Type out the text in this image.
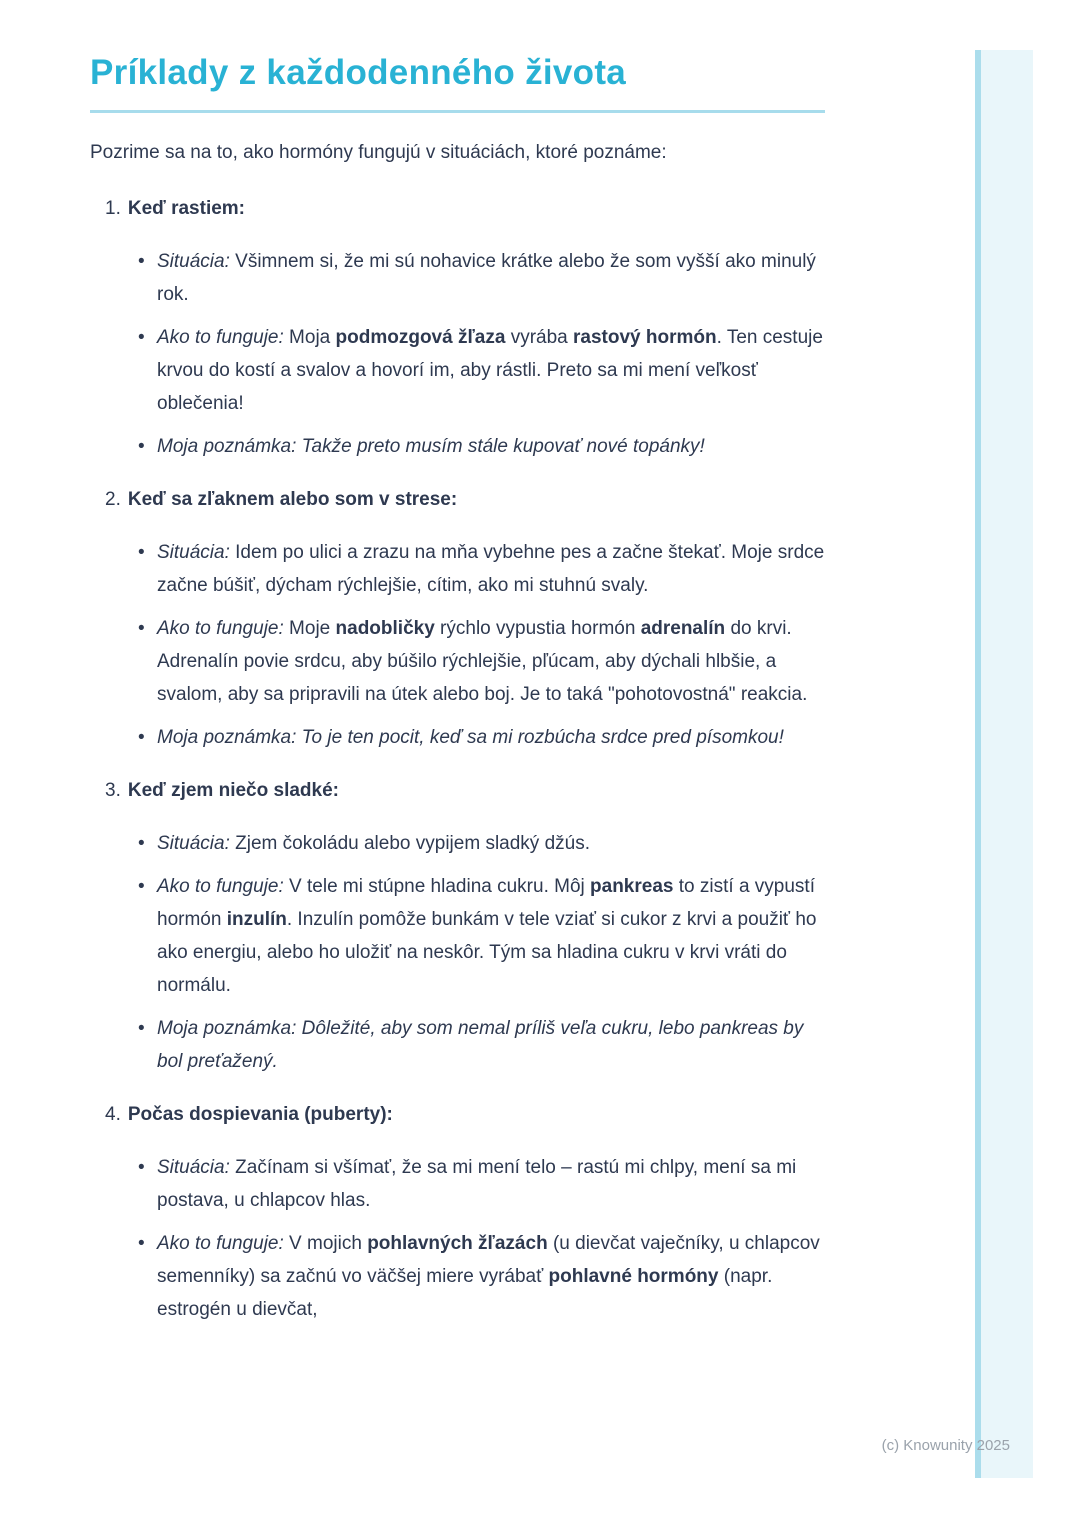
Príklady z každodenného života

Pozrime sa na to, ako hormóny fungujú v situáciách, ktoré poznáme:

1. Keď rastiem:
• Situácia: Všimnem si, že mi sú nohavice krátke alebo že som vyšší ako minulý rok.
• Ako to funguje: Moja podmozgová žľaza vyrába rastový hormón. Ten cestuje krvou do kostí a svalov a hovorí im, aby rástli. Preto sa mi mení veľkosť oblečenia!
• Moja poznámka: Takže preto musím stále kupovať nové topánky!
2. Keď sa zľaknem alebo som v strese:
• Situácia: Idem po ulici a zrazu na mňa vybehne pes a začne štekať. Moje srdce začne búšiť, dýcham rýchlejšie, cítim, ako mi stuhnú svaly.
• Ako to funguje: Moje nadobličky rýchlo vypustia hormón adrenalín do krvi. Adrenalín povie srdcu, aby búšilo rýchlejšie, pľúcam, aby dýchali hlbšie, a svalom, aby sa pripravili na útek alebo boj. Je to taká "pohotovostná" reakcia.
• Moja poznámka: To je ten pocit, keď sa mi rozbúcha srdce pred písomkou!
3. Keď zjem niečo sladké:
• Situácia: Zjem čokoládu alebo vypijem sladký džús.
• Ako to funguje: V tele mi stúpne hladina cukru. Môj pankreas to zistí a vypustí hormón inzulín. Inzulín pomôže bunkám v tele vziať si cukor z krvi a použiť ho ako energiu, alebo ho uložiť na neskôr. Tým sa hladina cukru v krvi vráti do normálu.
• Moja poznámka: Dôležité, aby som nemal príliš veľa cukru, lebo pankreas by bol preťažený.
4. Počas dospievania (puberty):
• Situácia: Začínam si všímať, že sa mi mení telo – rastú mi chlpy, mení sa mi postava, u chlapcov hlas.
• Ako to funguje: V mojich pohlavných žľazách (u dievčat vaječníky, u chlapcov semenníky) sa začnú vo väčšej miere vyrábať pohlavné hormóny (napr. estrogén u dievčat,
(c) Knowunity 2025
